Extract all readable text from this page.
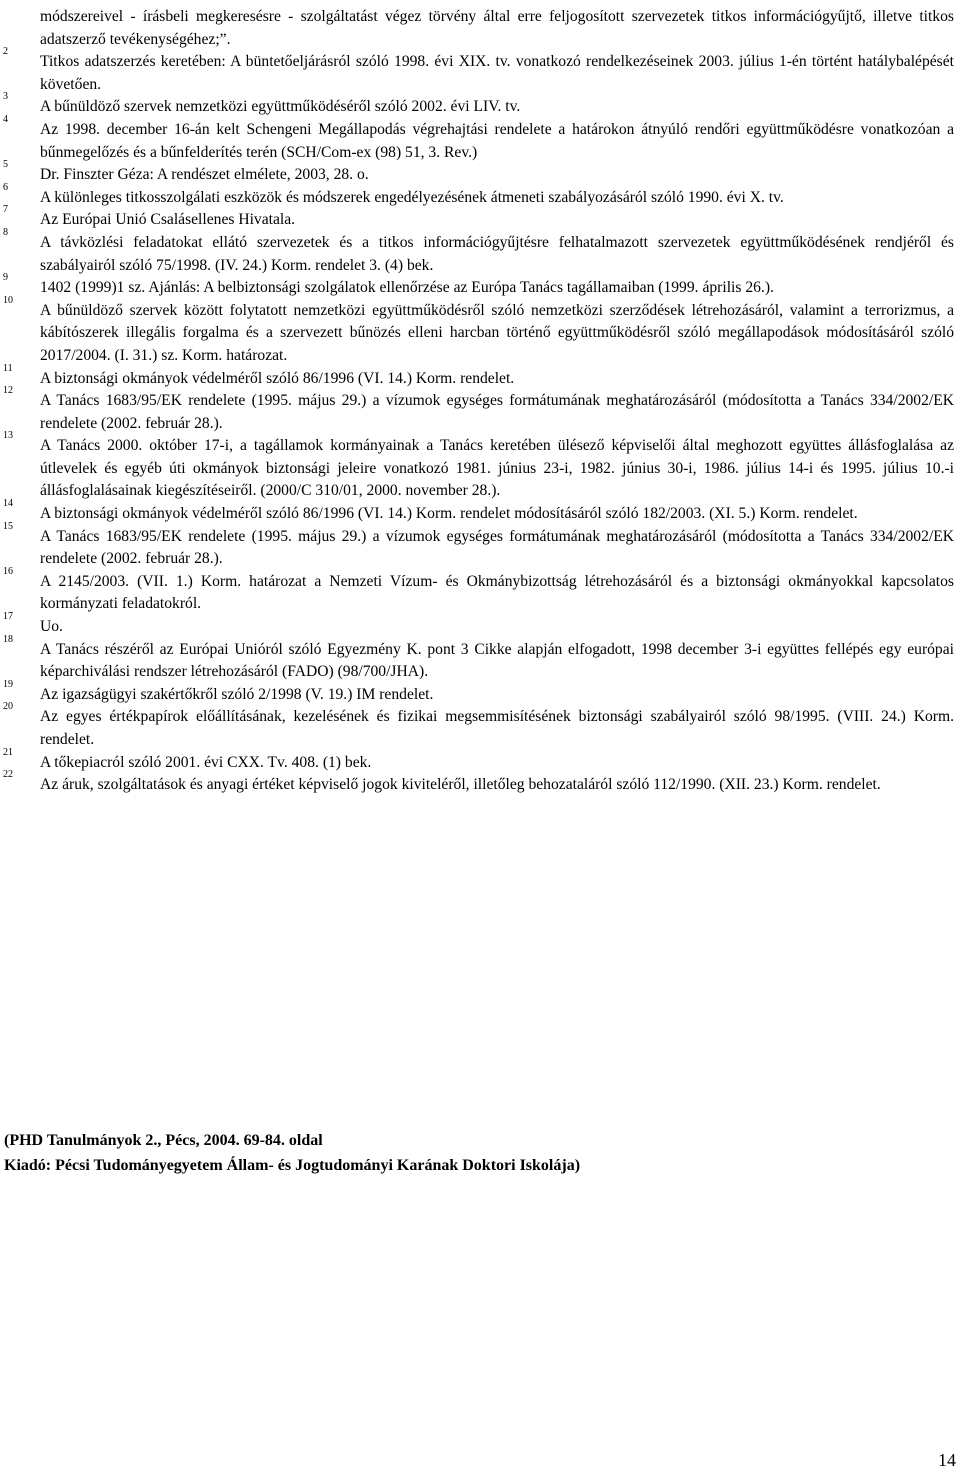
módszereivel - írásbeli megkeresésre - szolgáltatást végez törvény által erre feljogosított szervezetek titkos információgyűjtő, illetve titkos adatszerző tevékenységéhez;”.

2
Titkos adatszerzés keretében: A büntetőeljárásról szóló 1998. évi XIX. tv. vonatkozó rendelkezéseinek 2003. július 1-én történt hatálybalépését követően.

3
A bűnüldöző szervek nemzetközi együttműködéséről szóló 2002. évi LIV. tv.

4
Az 1998. december 16-án kelt Schengeni Megállapodás végrehajtási rendelete a határokon átnyúló rendőri együttműködésre vonatkozóan a bűnmegelőzés és a bűnfelderítés terén (SCH/Com-ex (98) 51, 3. Rev.)

5
Dr. Finszter Géza: A rendészet elmélete, 2003, 28. o.

6
A különleges titkosszolgálati eszközök és módszerek engedélyezésének átmeneti szabályozásáról szóló 1990. évi X. tv.

7
Az Európai Unió Csalásellenes Hivatala.

8
A távközlési feladatokat ellátó szervezetek és a titkos információgyűjtésre felhatalmazott szervezetek együttműködésének rendjéről és szabályairól szóló 75/1998. (IV. 24.) Korm. rendelet 3. (4) bek.

9
1402 (1999)1 sz. Ajánlás: A belbiztonsági szolgálatok ellenőrzése az Európa Tanács tagállamaiban (1999. április 26.).

10
A bűnüldöző szervek között folytatott nemzetközi együttműködésről szóló nemzetközi szerződések létrehozásáról, valamint a terrorizmus, a kábítószerek illegális forgalma és a szervezett bűnözés elleni harcban történő együttműködésről szóló megállapodások módosításáról szóló 2017/2004. (I. 31.) sz. Korm. határozat.

11
A biztonsági okmányok védelméről szóló 86/1996 (VI. 14.) Korm. rendelet.

12
A Tanács 1683/95/EK rendelete (1995. május 29.) a vízumok egységes formátumának meghatározásáról (módosította a Tanács 334/2002/EK rendelete (2002. február 28.).

13
A Tanács 2000. október 17-i, a tagállamok kormányainak a Tanács keretében ülésező képviselői által meghozott együttes állásfoglalása az útlevelek és egyéb úti okmányok biztonsági jeleire vonatkozó 1981. június 23-i, 1982. június 30-i, 1986. július 14-i és 1995. július 10.-i állásfoglalásainak kiegészítéseiről. (2000/C 310/01, 2000. november 28.).

14
A biztonsági okmányok védelméről szóló 86/1996 (VI. 14.) Korm. rendelet módosításáról szóló 182/2003. (XI. 5.) Korm. rendelet.

15
A Tanács 1683/95/EK rendelete (1995. május 29.) a vízumok egységes formátumának meghatározásáról (módosította a Tanács 334/2002/EK rendelete (2002. február 28.).

16
A 2145/2003. (VII. 1.) Korm. határozat a Nemzeti Vízum- és Okmánybizottság létrehozásáról és a biztonsági okmányokkal kapcsolatos kormányzati feladatokról.

17
Uo.

18
A Tanács részéről az Európai Unióról szóló Egyezmény K. pont 3 Cikke alapján elfogadott, 1998 december 3-i együttes fellépés egy európai képarchiválási rendszer létrehozásáról (FADO) (98/700/JHA).

19
Az igazságügyi szakértőkről szóló 2/1998 (V. 19.) IM rendelet.

20
Az egyes értékpapírok előállításának, kezelésének és fizikai megsemmisítésének biztonsági szabályairól szóló 98/1995. (VIII. 24.) Korm. rendelet.

21
A tőkepiacról szóló 2001. évi CXX. Tv. 408. (1) bek.

22
Az áruk, szolgáltatások és anyagi értéket képviselő jogok kiviteléről, illetőleg behozataláról szóló 112/1990. (XII. 23.) Korm. rendelet.

(PHD Tanulmányok 2., Pécs, 2004. 69-84. oldal
Kiadó: Pécsi Tudományegyetem Állam- és Jogtudományi Karának Doktori Iskolája)
14
